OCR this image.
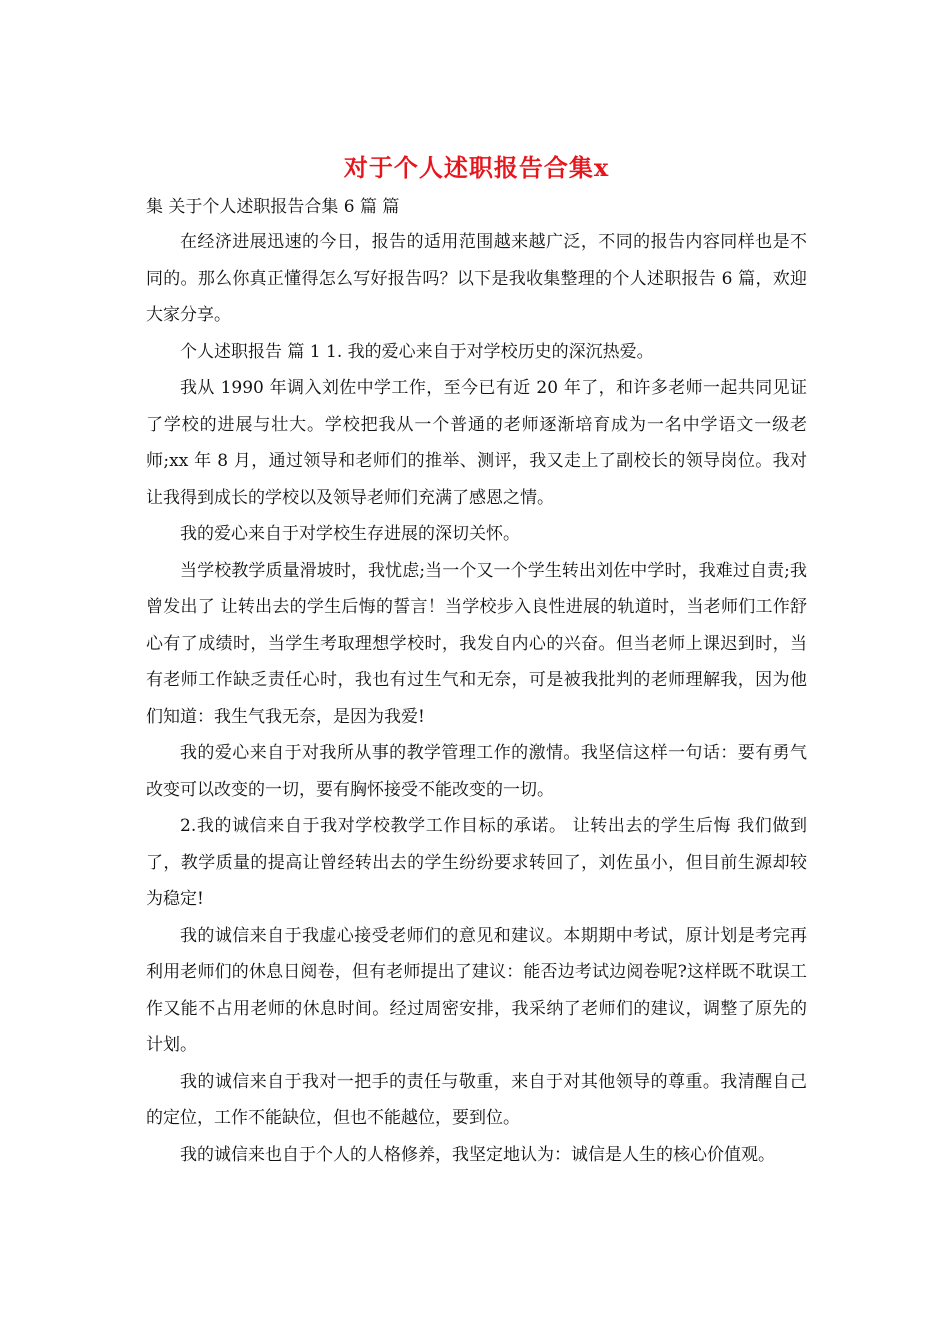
对于个人述职报告合集x

集 关于个人述职报告合集 6 篇 篇

在经济进展迅速的今日，报告的适用范围越来越广泛，不同的报告内容同样也是不同的。那么你真正懂得怎么写好报告吗？以下是我收集整理的个人述职报告 6 篇，欢迎大家分享。

个人述职报告 篇 1 1. 我的爱心来自于对学校历史的深沉热爱。

我从 1990 年调入刘佐中学工作，至今已有近 20 年了，和许多老师一起共同见证了学校的进展与壮大。学校把我从一个普通的老师逐渐培育成为一名中学语文一级老师;xx 年 8 月，通过领导和老师们的推举、测评，我又走上了副校长的领导岗位。我对让我得到成长的学校以及领导老师们充满了感恩之情。

我的爱心来自于对学校生存进展的深切关怀。

当学校教学质量滑坡时，我忧虑;当一个又一个学生转出刘佐中学时，我难过自责;我曾发出了 让转出去的学生后悔的誓言！当学校步入良性进展的轨道时，当老师们工作舒心有了成绩时，当学生考取理想学校时，我发自内心的兴奋。但当老师上课迟到时，当有老师工作缺乏责任心时，我也有过生气和无奈，可是被我批判的老师理解我，因为他们知道：我生气我无奈，是因为我爱!

我的爱心来自于对我所从事的教学管理工作的激情。我坚信这样一句话：要有勇气改变可以改变的一切，要有胸怀接受不能改变的一切。

2.我的诚信来自于我对学校教学工作目标的承诺。 让转出去的学生后悔 我们做到了，教学质量的提高让曾经转出去的学生纷纷要求转回了，刘佐虽小，但目前生源却较为稳定!

我的诚信来自于我虚心接受老师们的意见和建议。本期期中考试，原计划是考完再利用老师们的休息日阅卷，但有老师提出了建议：能否边考试边阅卷呢?这样既不耽误工作又能不占用老师的休息时间。经过周密安排，我采纳了老师们的建议，调整了原先的计划。

我的诚信来自于我对一把手的责任与敬重，来自于对其他领导的尊重。我清醒自己的定位，工作不能缺位，但也不能越位，要到位。

我的诚信来也自于个人的人格修养，我坚定地认为：诚信是人生的核心价值观。
